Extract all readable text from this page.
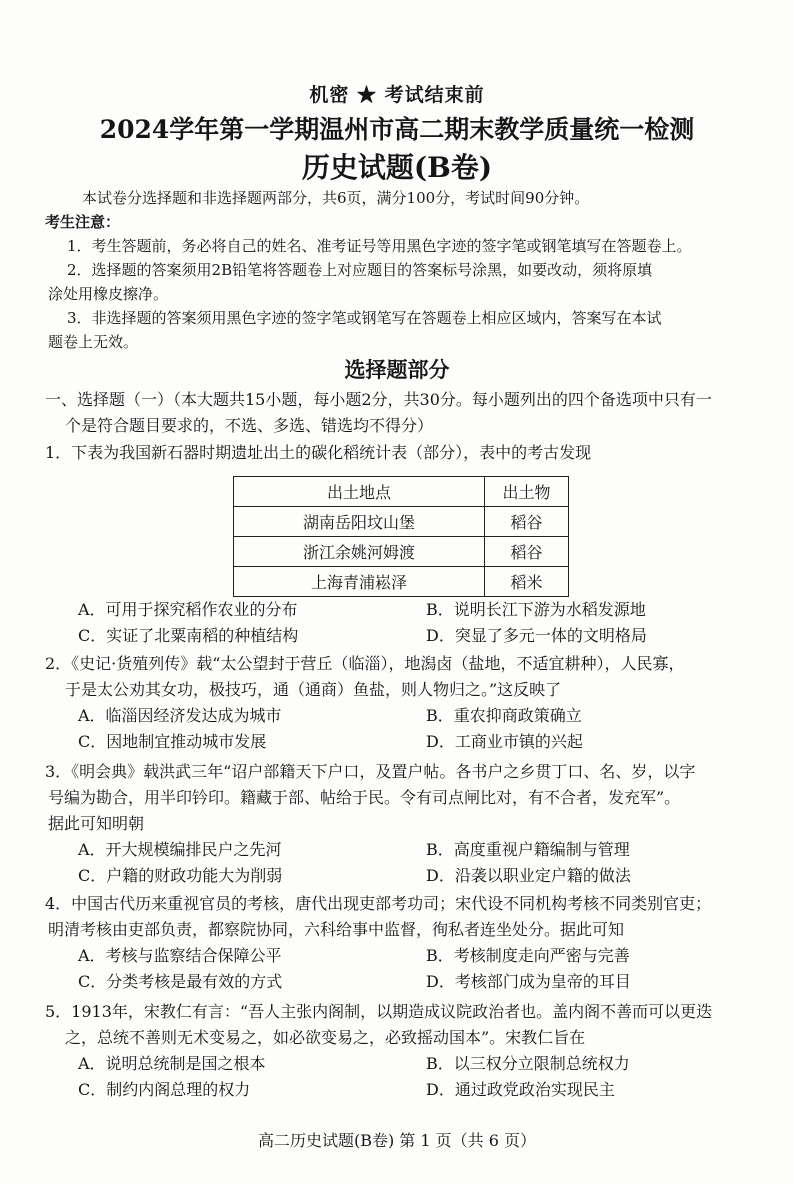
机密 ★ 考试结束前
2024学年第一学期温州市高二期末教学质量统一检测
历史试题(B卷)
本试卷分选择题和非选择题两部分，共6页，满分100分，考试时间90分钟。
考生注意：
1．考生答题前，务必将自己的姓名、准考证号等用黑色字迹的签字笔或钢笔填写在答题卷上。
2．选择题的答案须用2B铅笔将答题卷上对应题目的答案标号涂黑，如要改动，须将原填
涂处用橡皮擦净。
3．非选择题的答案须用黑色字迹的签字笔或钢笔写在答题卷上相应区域内，答案写在本试
题卷上无效。
选择题部分
一、选择题（一）（本大题共15小题，每小题2分，共30分。每小题列出的四个备选项中只有一
个是符合题目要求的，不选、多选、错选均不得分）
1．下表为我国新石器时期遗址出土的碳化稻统计表（部分），表中的考古发现
出土地点	出土物
湖南岳阳坟山堡	稻谷
浙江余姚河姆渡	稻谷
上海青浦崧泽	稻米
A．可用于探究稻作农业的分布	B．说明长江下游为水稻发源地
C．实证了北粟南稻的种植结构	D．突显了多元一体的文明格局
2．《史记·货殖列传》载“太公望封于营丘（临淄），地潟卤（盐地，不适宜耕种），人民寡，
于是太公劝其女功，极技巧，通（通商）鱼盐，则人物归之。”这反映了
A．临淄因经济发达成为城市	B．重农抑商政策确立
C．因地制宜推动城市发展	D．工商业市镇的兴起
3．《明会典》载洪武三年“诏户部籍天下户口，及置户帖。各书户之乡贯丁口、名、岁，以字
号编为勘合，用半印钤印。籍藏于部、帖给于民。令有司点闸比对，有不合者，发充军”。
据此可知明朝
A．开大规模编排民户之先河	B．高度重视户籍编制与管理
C．户籍的财政功能大为削弱	D．沿袭以职业定户籍的做法
4．中国古代历来重视官员的考核，唐代出现吏部考功司；宋代设不同机构考核不同类别官吏；
明清考核由吏部负责，都察院协同，六科给事中监督，徇私者连坐处分。据此可知
A．考核与监察结合保障公平	B．考核制度走向严密与完善
C．分类考核是最有效的方式	D．考核部门成为皇帝的耳目
5．1913年，宋教仁有言：“吾人主张内阁制，以期造成议院政治者也。盖内阁不善而可以更迭
之，总统不善则无术变易之，如必欲变易之，必致摇动国本”。宋教仁旨在
A．说明总统制是国之根本	B．以三权分立限制总统权力
C．制约内阁总理的权力	D．通过政党政治实现民主
高二历史试题(B卷) 第 1 页（共 6 页）
